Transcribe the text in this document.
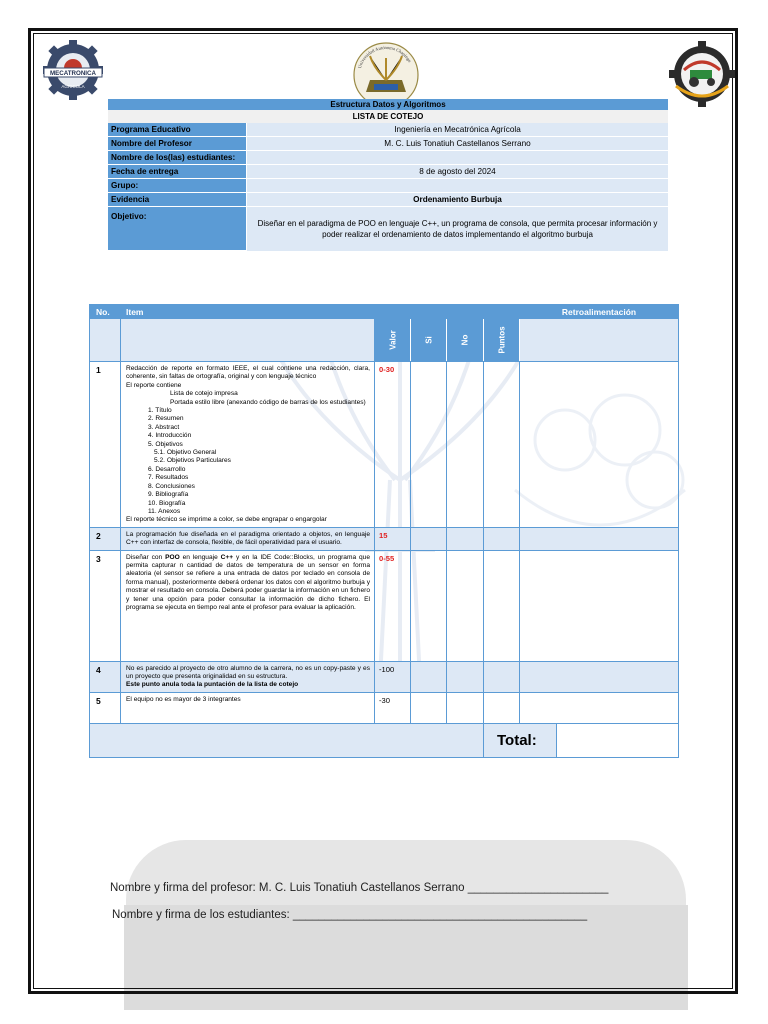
MECATRONICA
AGRICOLA
Universidad Autónoma Chapingo
Estructura Datos y Algoritmos
LISTA DE COTEJO
Programa Educativo	Ingeniería en Mecatrónica Agrícola
Nombre del Profesor	M. C. Luis Tonatiuh Castellanos Serrano
Nombre de los(las) estudiantes:
Fecha de entrega	8 de agosto del 2024
Grupo:
Evidencia	Ordenamiento Burbuja
Objetivo:
Diseñar en el paradigma de POO en lenguaje C++, un programa de consola, que permita procesar información y poder realizar el ordenamiento de datos implementando el algoritmo burbuja
No.	Item	Retroalimentación
Valor	Si	No	Puntos
1	Redacción de reporte en formato IEEE, el cual contiene una redacción, clara, coherente, sin faltas de ortografía, original y con lenguaje técnico
El reporte contiene
Lista de cotejo impresa
Portada estilo libre (anexando código de barras de los estudiantes)
1. Título
2. Resumen
3. Abstract
4. Introducción
5. Objetivos
5.1. Objetivo General
5.2. Objetivos Particulares
6. Desarrollo
7. Resultados
8. Conclusiones
9. Bibliografía
10. Biografía
11. Anexos
El reporte técnico se imprime a color, se debe engrapar o engargolar
0-30
2	La programación fue diseñada en el paradigma orientado a objetos, en lenguaje C++ con interfaz de consola, flexible, de fácil operatividad para el usuario.
15
3	Diseñar con POO en lenguaje C++ y en la IDE Code::Blocks, un programa que permita capturar n cantidad de datos de temperatura de un sensor en forma aleatoria (el sensor se refiere a una entrada de datos por teclado en consola de forma manual), posteriormente deberá ordenar los datos con el algoritmo burbuja y mostrar el resultado en consola. Deberá poder guardar la información en un fichero y tener una opción para poder consultar la información de dicho fichero. El programa se ejecuta en tiempo real ante el profesor para evaluar la aplicación.
0-55
4	No es parecido al proyecto de otro alumno de la carrera, no es un copy-paste y es un proyecto que presenta originalidad en su estructura.
Este punto anula toda la puntación de la lista de cotejo
-100
5	El equipo no es mayor de 3 integrantes	-30
Total:
Nombre y firma del profesor: M. C. Luis Tonatiuh Castellanos Serrano ______________________
Nombre y firma de los estudiantes: ______________________________________________
